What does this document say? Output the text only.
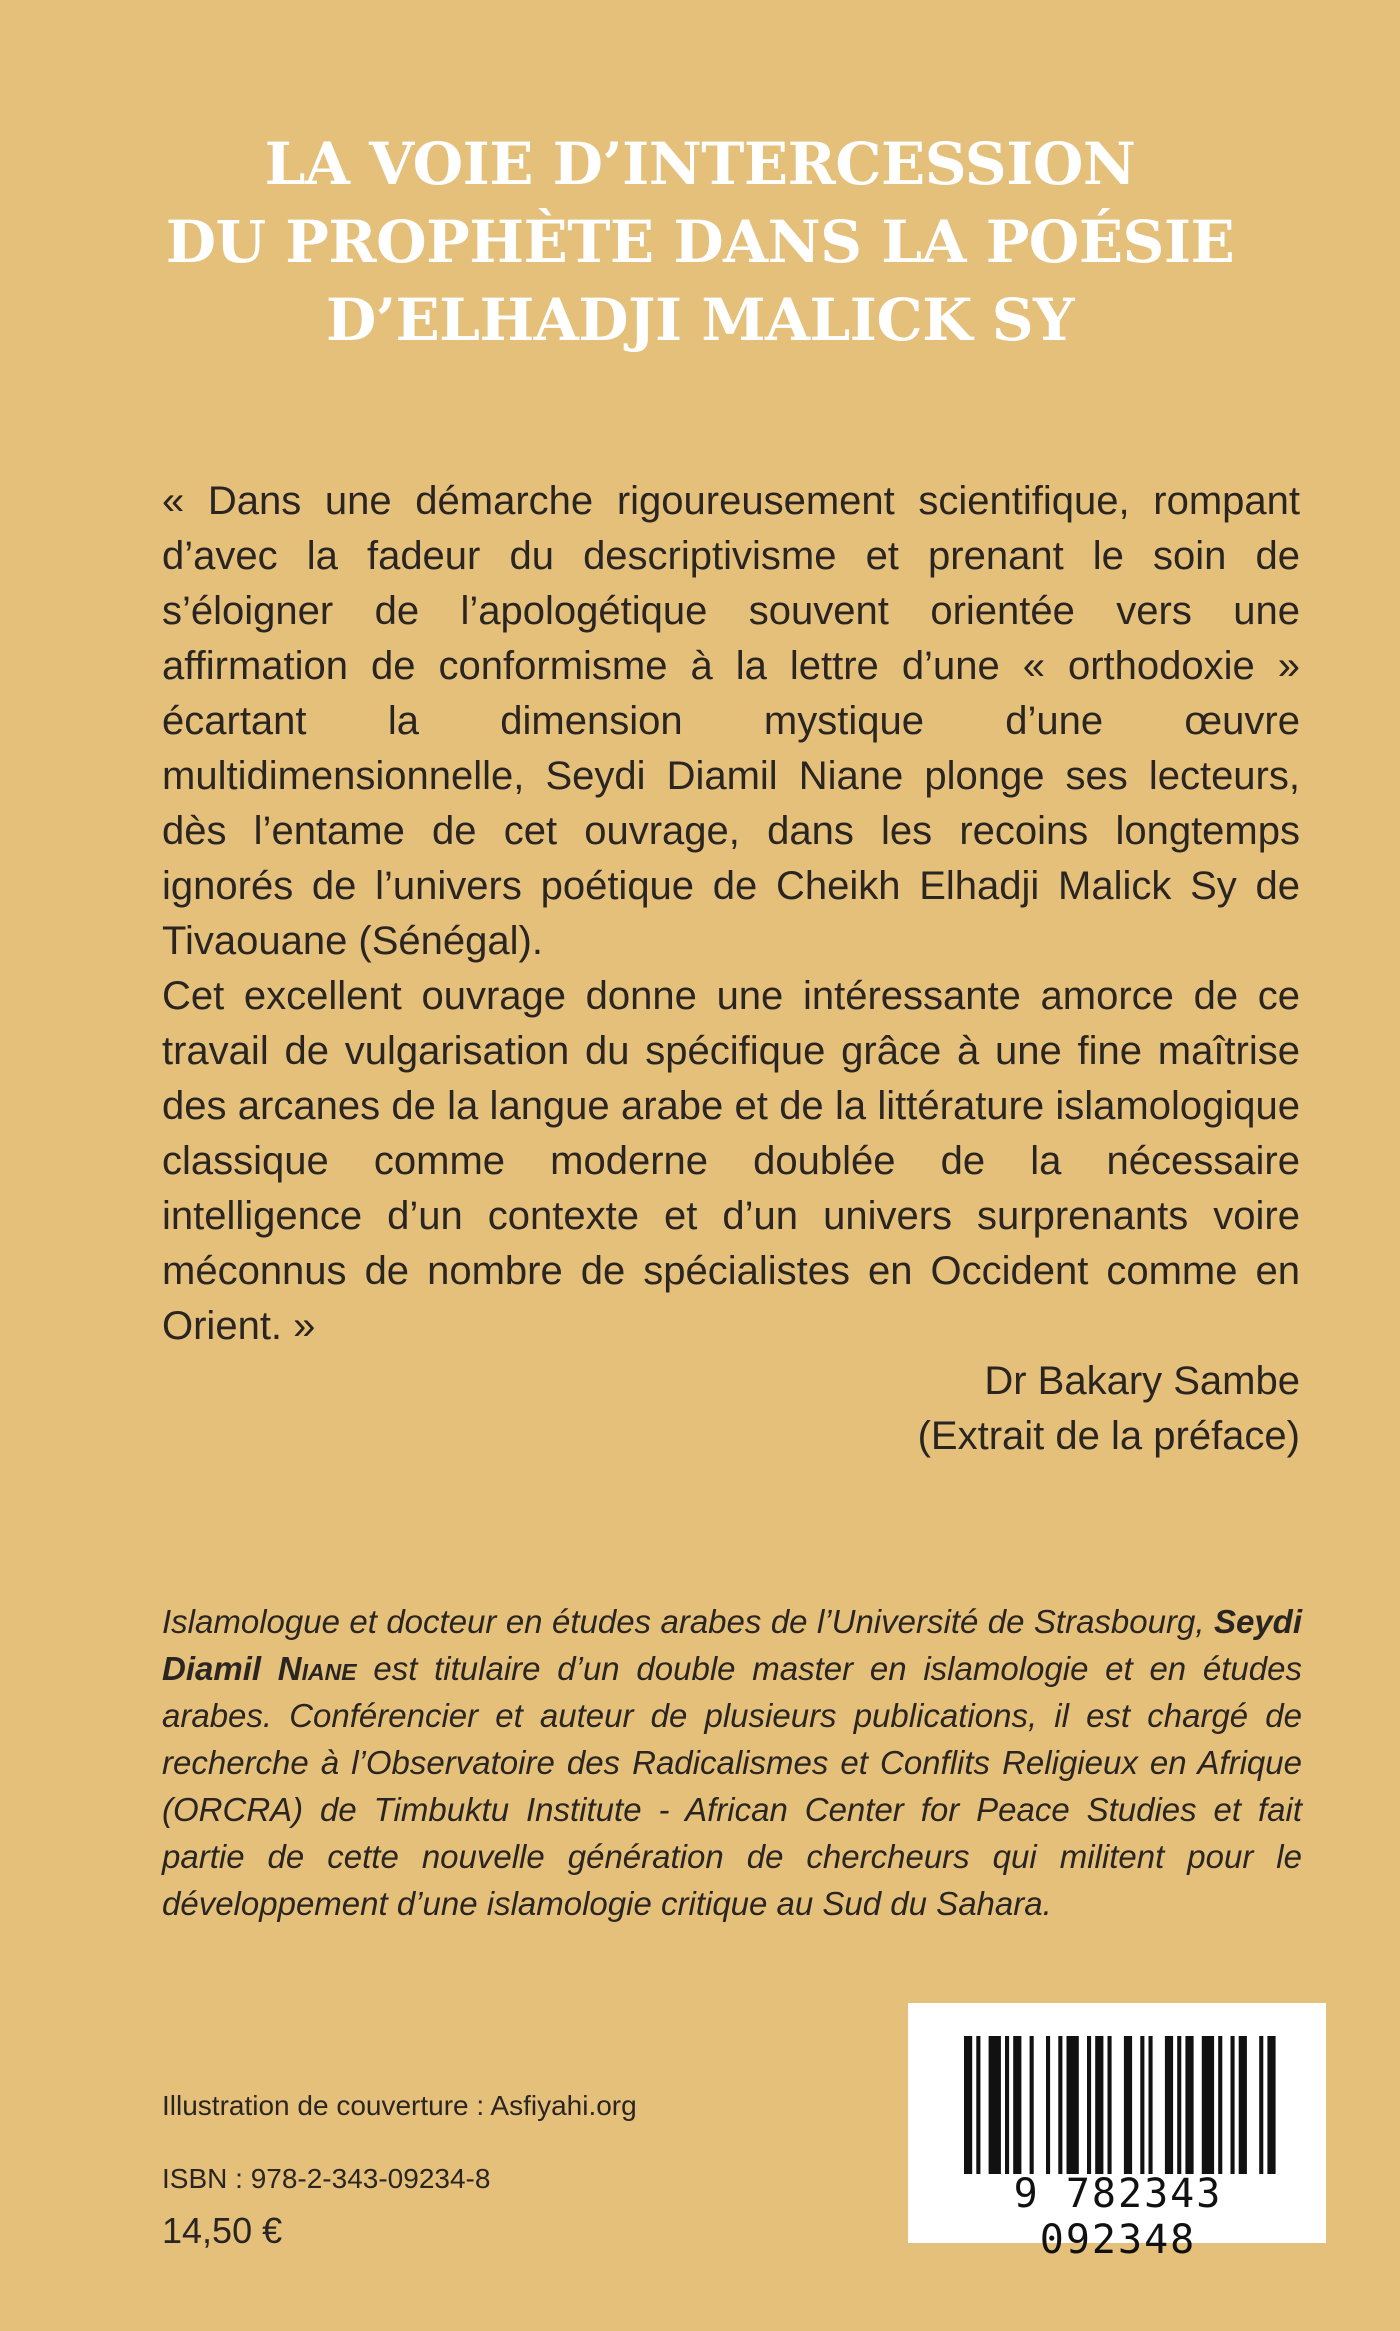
LA VOIE D’INTERCESSION
DU PROPHÈTE DANS LA POÉSIE
D’ELHADJI MALICK SY

« Dans une démarche rigoureusement scientifique, rompant d’avec la fadeur du descriptivisme et prenant le soin de s’éloigner de l’apologétique souvent orientée vers une affirmation de conformisme à la lettre d’une « orthodoxie » écartant la dimension mystique d’une œuvre multidimensionnelle, Seydi Diamil Niane plonge ses lecteurs, dès l’entame de cet ouvrage, dans les recoins longtemps ignorés de l’univers poétique de Cheikh Elhadji Malick Sy de Tivaouane (Sénégal).

Cet excellent ouvrage donne une intéressante amorce de ce travail de vulgarisation du spécifique grâce à une fine maîtrise des arcanes de la langue arabe et de la littérature islamologique classique comme moderne doublée de la nécessaire intelligence d’un contexte et d’un univers surprenants voire méconnus de nombre de spécialistes en Occident comme en Orient. »

Dr Bakary Sambe
(Extrait de la préface)
Islamologue et docteur en études arabes de l’Université de Strasbourg, Seydi Diamil Niane est titulaire d’un double master en islamologie et en études arabes. Conférencier et auteur de plusieurs publications, il est chargé de recherche à l’Observatoire des Radicalismes et Conflits Religieux en Afrique (ORCRA) de Timbuktu Institute - African Center for Peace Studies et fait partie de cette nouvelle génération de chercheurs qui militent pour le développement d’une islamologie critique au Sud du Sahara.
Illustration de couverture : Asfiyahi.org
ISBN : 978-2-343-09234-8
14,50 €
9 782343 092348
